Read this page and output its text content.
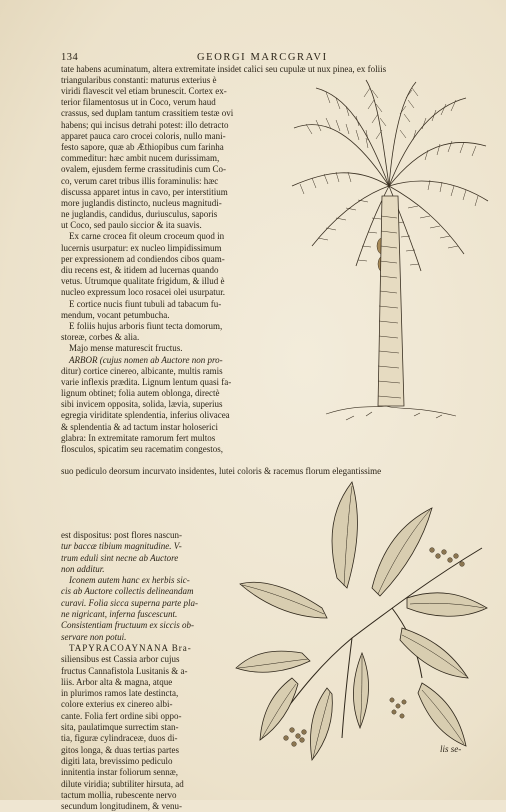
134	GEORGI MARCGRAVI
tate habens acuminatum, altera extremitate insidet calici seu cupulæ ut nux pinea, ex foliis
triangularibus constanti: maturus exterius è
viridi flavescit vel etiam brunescit. Cortex ex-
terior filamentosus ut in Coco, verum haud
crassus, sed duplam tantum crassitiem testæ ovi
habens; qui incisus detrahi potest: illo detracto
apparet pauca caro crocei coloris, nullo mani-
festo sapore, quæ ab Æthiopibus cum farinha
commeditur: hæc ambit nucem durissimam,
ovalem, ejusdem ferme crassitudinis cum Co-
co, verum caret tribus illis foraminulis: hæc
discussa apparet intus in cavo, per interstitium
more juglandis distincto, nucleus magnitudi-
ne juglandis, candidus, duriusculus, saporis
ut Coco, sed paulo siccior & ita suavis.
Ex carne crocea fit oleum croceum quod in
lucernis usurpatur: ex nucleo limpidissimum
per expressionem ad condiendos cibos quam-
diu recens est, & itidem ad lucernas quando
vetus. Utrumque qualitate frigidum, & illud è
nucleo expressum loco rosacei olei usurpatur.
E cortice nucis fiunt tubuli ad tabacum fu-
mendum, vocant petumbucha.
E foliis hujus arboris fiunt tecta domorum,
storeæ, corbes & alia.
Majo mense maturescit fructus.
ARBOR (cujus nomen ab Auctore non pro-
ditur) cortice cinereo, albicante, multis ramis
varie inflexis prædita. Lignum lentum quasi fa-
lignum obtinet; folia autem oblonga, directè
sibi invicem opposita, solida, lævia, superius
egregia viriditate splendentia, inferius olivacea
& splendentia & ad tactum instar holoserici
glabra: In extremitate ramorum fert multos
flosculos, spicatim seu racematim congestos,
suo pediculo deorsum incurvato insidentes, lutei coloris & racemus florum elegantissime
est dispositus: post flores nascun-
tur baccæ tibium magnitudine. V-
trum eduli sint necne ab Auctore
non additur.
Iconem autem hanc ex herbis sic-
cis ab Auctore collectis delineandam
curavi. Folia sicca superna parte pla-
ne nigricant, inferna fuscescunt.
Consistentiam fructuum ex siccis ob-
servare non potui.
TAPYRACOAYNANA Bra-
siliensibus est Cassia arbor cujus
fructus Cannafistola Lusitanis & a-
liis. Arbor alta & magna, atque
in plurimos ramos late destincta,
colore exterius ex cinereo albi-
cante. Folia fert ordine sibi oppo-
sita, paulatimque surrectim stan-
tia, figuræ cylindraceæ, duos di-
gitos longa, & duas tertias partes
digiti lata, brevissimo pediculo
innitentia instar foliorum sennæ,
dilute viridia; subtiliter hirsuta, ad
tactum mollia, rubescente nervo
secundum longitudinem, & venu-
lis se-
